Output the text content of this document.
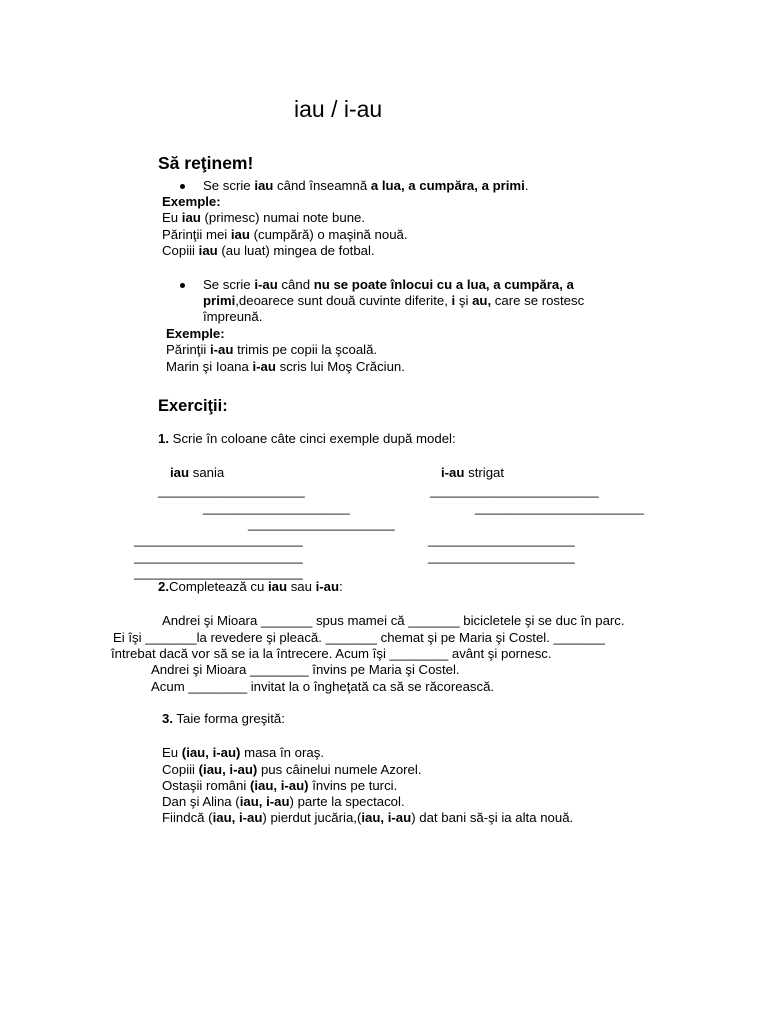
iau / i-au
Să reţinem!
Se scrie iau când înseamnă a lua, a cumpăra, a primi.
Exemple:
Eu iau (primesc) numai note bune.
Părinţii mei iau (cumpără) o maşină nouă.
Copiii iau (au luat) mingea de fotbal.
Se scrie i-au când nu se poate înlocui cu a lua, a cumpăra, a
primi,deoarece sunt două cuvinte diferite, i şi au, care se rostesc
împreună.
Exemple:
Părinţii i-au trimis pe copii la şcoală.
Marin şi Ioana i-au scris lui Moş Crăciun.
Exerciţii:
1. Scrie în coloane câte cinci exemple după model:
iau sania	i-au strigat
____________________
____________________
____________________
_______________________
_______________________
_______________________
_______________________
_______________________
____________________
____________________
2.Completează cu iau sau i-au:
Andrei şi Mioara _______ spus mamei că _______ bicicletele şi se duc în parc.
Ei îşi _______la revedere şi pleacă. _______ chemat şi pe Maria şi Costel. _______
întrebat dacă vor să se ia la întrecere. Acum îşi ________ avânt şi pornesc.
Andrei şi Mioara ________ învins pe Maria şi Costel.
Acum ________ invitat la o îngheţată ca să se răcorească.
3. Taie forma greşită:
Eu (iau, i-au) masa în oraş.
Copiii (iau, i-au) pus câinelui numele Azorel.
Ostaşii români (iau, i-au) învins pe turci.
Dan şi Alina (iau, i-au) parte la spectacol.
Fiindcă (iau, i-au) pierdut jucăria,(iau, i-au) dat bani să-şi ia alta nouă.
